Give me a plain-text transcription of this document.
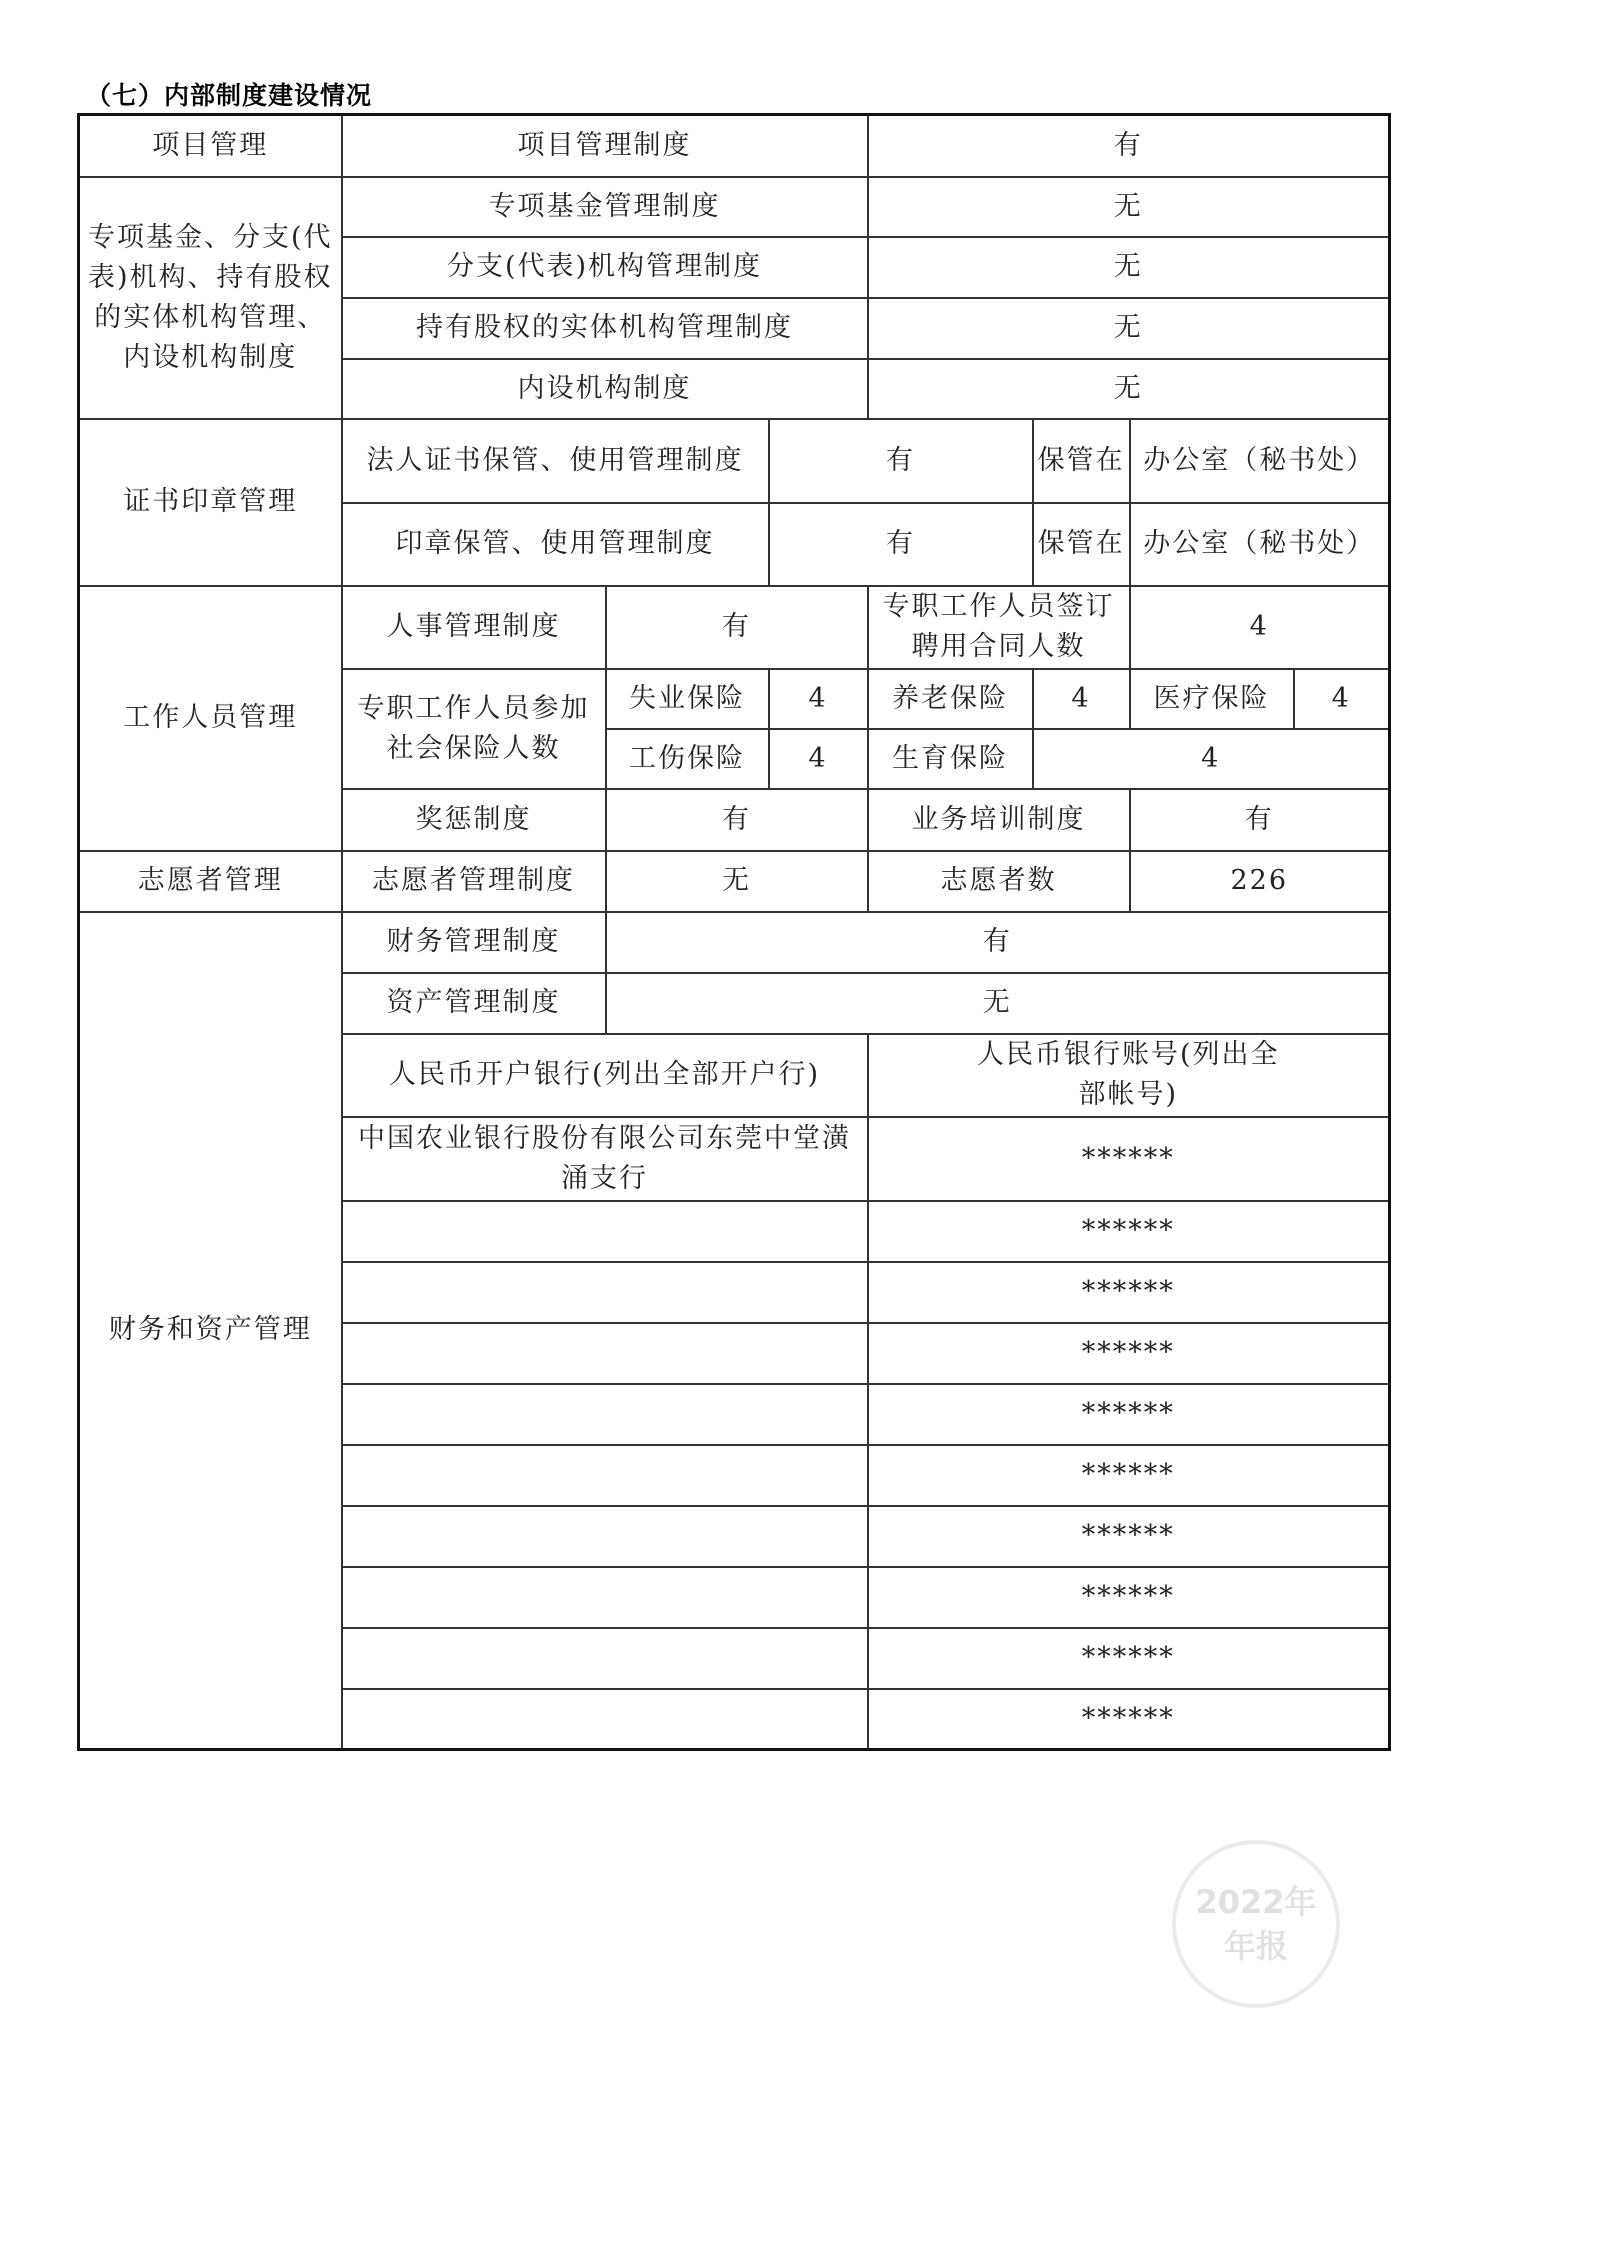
（七）内部制度建设情况
项目管理	项目管理制度			有			
专项基金、分支(代表)机构、持有股权的实体机构管理、内设机构制度	专项基金管理制度			无			
	分支(代表)机构管理制度			无			
	持有股权的实体机构管理制度			无			
	内设机构制度			无			
证书印章管理	法人证书保管、使用管理制度		有		保管在	办公室（秘书处）	
	印章保管、使用管理制度		有		保管在	办公室（秘书处）	
工作人员管理	人事管理制度	有		专职工作人员签订聘用合同人数		4	
	专职工作人员参加社会保险人数	失业保险	4	养老保险	4	医疗保险	4
		工伤保险	4	生育保险	4		
	奖惩制度	有		业务培训制度		有	
志愿者管理	志愿者管理制度	无		志愿者数		226	
财务和资产管理	财务管理制度	有					
	资产管理制度	无					
	人民币开户银行(列出全部开户行)			人民币银行账号(列出全部帐号)			

	中国农业银行股份有限公司东莞中堂潢涌支行			******			
				******			
				******			
				******			
				******			
				******			
				******			
				******			
				******			
				******			
2022年
年报
